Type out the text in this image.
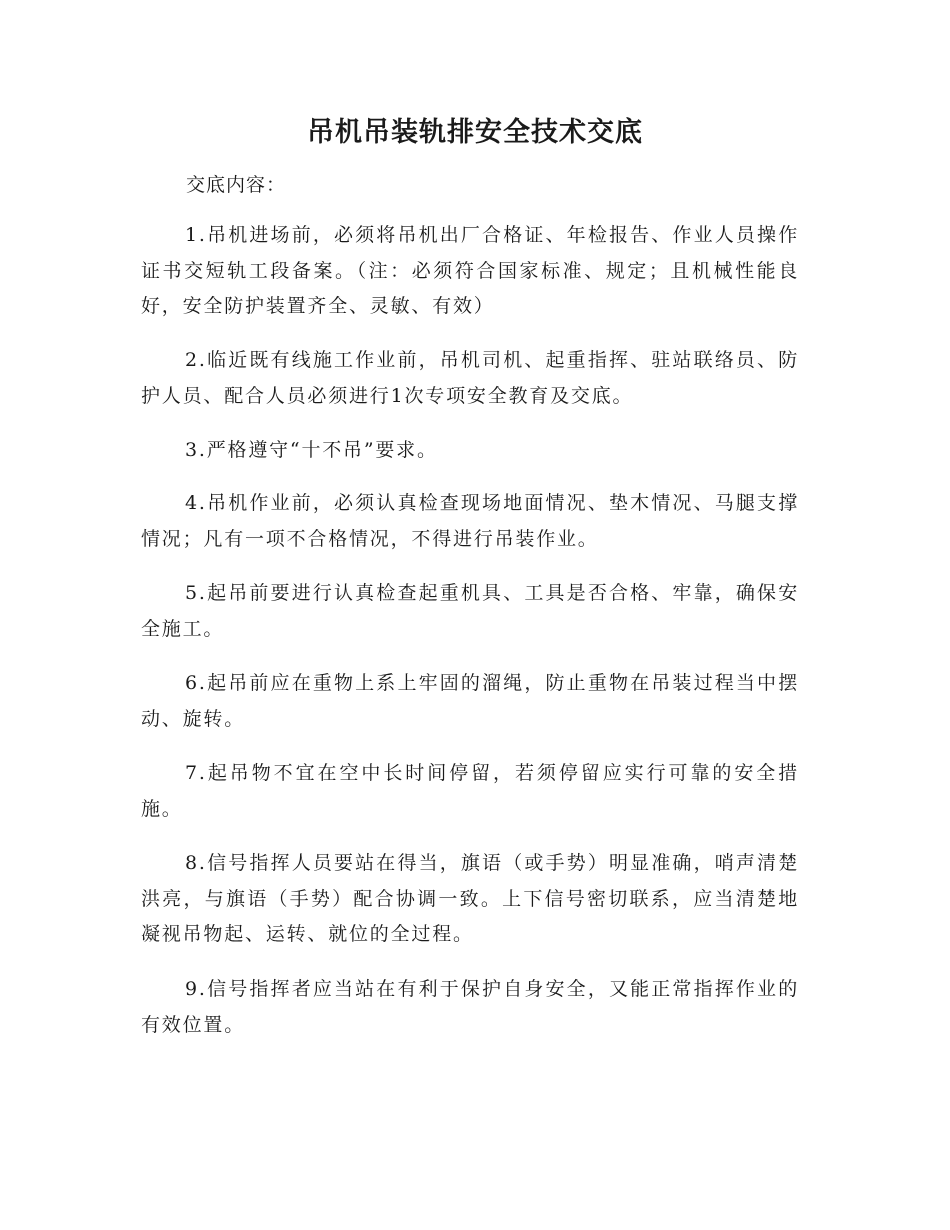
吊机吊装轨排安全技术交底
交底内容：
1.吊机进场前，必须将吊机出厂合格证、年检报告、作业人员操作证书交短轨工段备案。（注：必须符合国家标准、规定；且机械性能良好，安全防护装置齐全、灵敏、有效）
2.临近既有线施工作业前，吊机司机、起重指挥、驻站联络员、防护人员、配合人员必须进行1次专项安全教育及交底。
3.严格遵守“十不吊”要求。
4.吊机作业前，必须认真检查现场地面情况、垫木情况、马腿支撑情况；凡有一项不合格情况，不得进行吊装作业。
5.起吊前要进行认真检查起重机具、工具是否合格、牢靠，确保安全施工。
6.起吊前应在重物上系上牢固的溜绳，防止重物在吊装过程当中摆动、旋转。
7.起吊物不宜在空中长时间停留，若须停留应实行可靠的安全措施。
8.信号指挥人员要站在得当，旗语（或手势）明显准确，哨声清楚洪亮，与旗语（手势）配合协调一致。上下信号密切联系，应当清楚地凝视吊物起、运转、就位的全过程。
9.信号指挥者应当站在有利于保护自身安全，又能正常指挥作业的有效位置。
